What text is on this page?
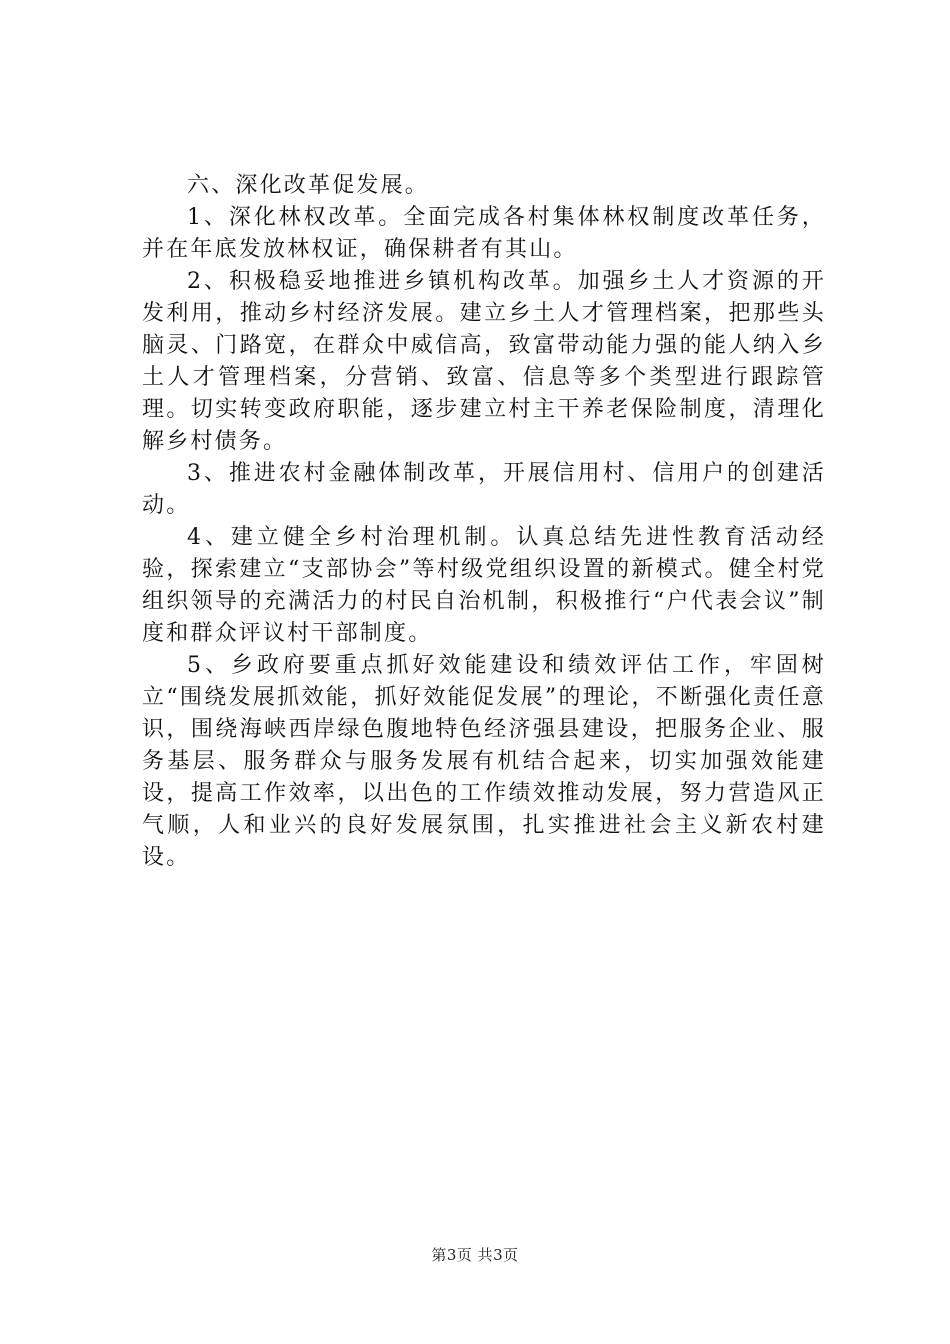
六、深化改革促发展。

1、深化林权改革。全面完成各村集体林权制度改革任务，并在年底发放林权证，确保耕者有其山。

2、积极稳妥地推进乡镇机构改革。加强乡土人才资源的开发利用，推动乡村经济发展。建立乡土人才管理档案，把那些头脑灵、门路宽，在群众中威信高，致富带动能力强的能人纳入乡土人才管理档案，分营销、致富、信息等多个类型进行跟踪管理。切实转变政府职能，逐步建立村主干养老保险制度，清理化解乡村债务。

3、推进农村金融体制改革，开展信用村、信用户的创建活动。

4、建立健全乡村治理机制。认真总结先进性教育活动经验，探索建立“支部协会”等村级党组织设置的新模式。健全村党组织领导的充满活力的村民自治机制，积极推行“户代表会议”制度和群众评议村干部制度。

5、乡政府要重点抓好效能建设和绩效评估工作，牢固树立“围绕发展抓效能，抓好效能促发展”的理论，不断强化责任意识，围绕海峡西岸绿色腹地特色经济强县建设，把服务企业、服务基层、服务群众与服务发展有机结合起来，切实加强效能建设，提高工作效率，以出色的工作绩效推动发展，努力营造风正气顺，人和业兴的良好发展氛围，扎实推进社会主义新农村建设。

第3页 共3页
